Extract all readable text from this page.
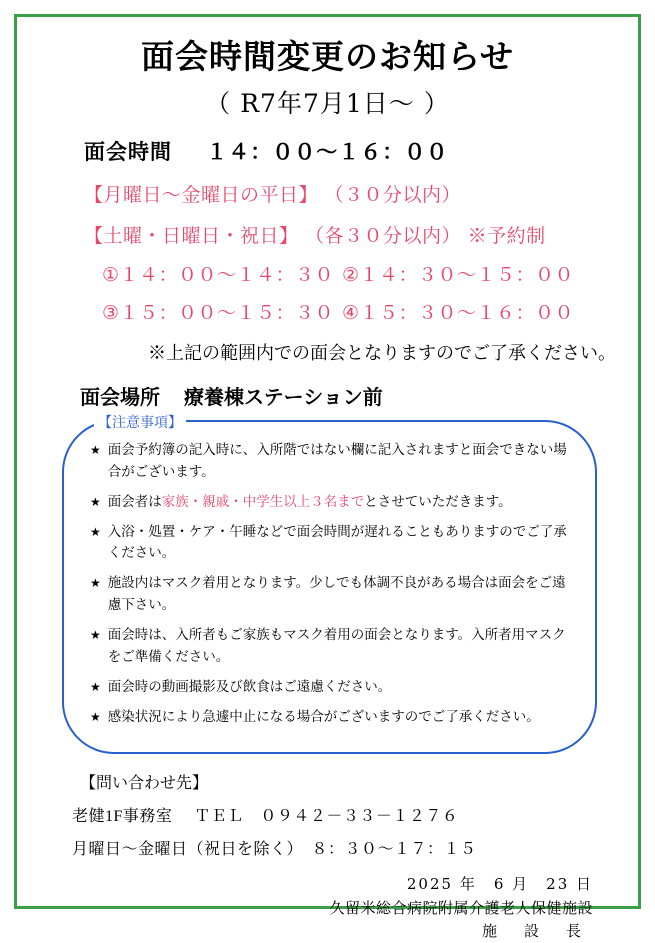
面会時間変更のお知らせ
（ R7年7月1日～ ）
面会時間 １４：００～１６：００
【月曜日～金曜日の平日】 （３０分以内）
【土曜・日曜日・祝日】 （各３０分以内） ※予約制
①１４：００～１４：３０ ②１４：３０～１５：００
③１５：００～１５：３０ ④１５：３０～１６：００
※上記の範囲内での面会となりますのでご了承ください。
面会場所 療養棟ステーション前
【注意事項】
★ 面会予約簿の記入時に、入所階ではない欄に記入されますと面会できない場合がございます。
★ 面会者は家族・親戚・中学生以上３名までとさせていただきます。
★ 入浴・処置・ケア・午睡などで面会時間が遅れることもありますのでご了承ください。
★ 施設内はマスク着用となります。少しでも体調不良がある場合は面会をご遠慮下さい。
★ 面会時は、入所者もご家族もマスク着用の面会となります。入所者用マスクをご準備ください。
★ 面会時の動画撮影及び飲食はご遠慮ください。
★ 感染状況により急遽中止になる場合がございますのでご了承ください。
【問い合わせ先】
老健1F事務室 ＴＥＬ　０９４２－３３－１２７６
月曜日～金曜日（祝日を除く）　８：３０～１７：１５
2025 年　6 月　23 日
久留米総合病院附属介護老人保健施設
施　設　長
